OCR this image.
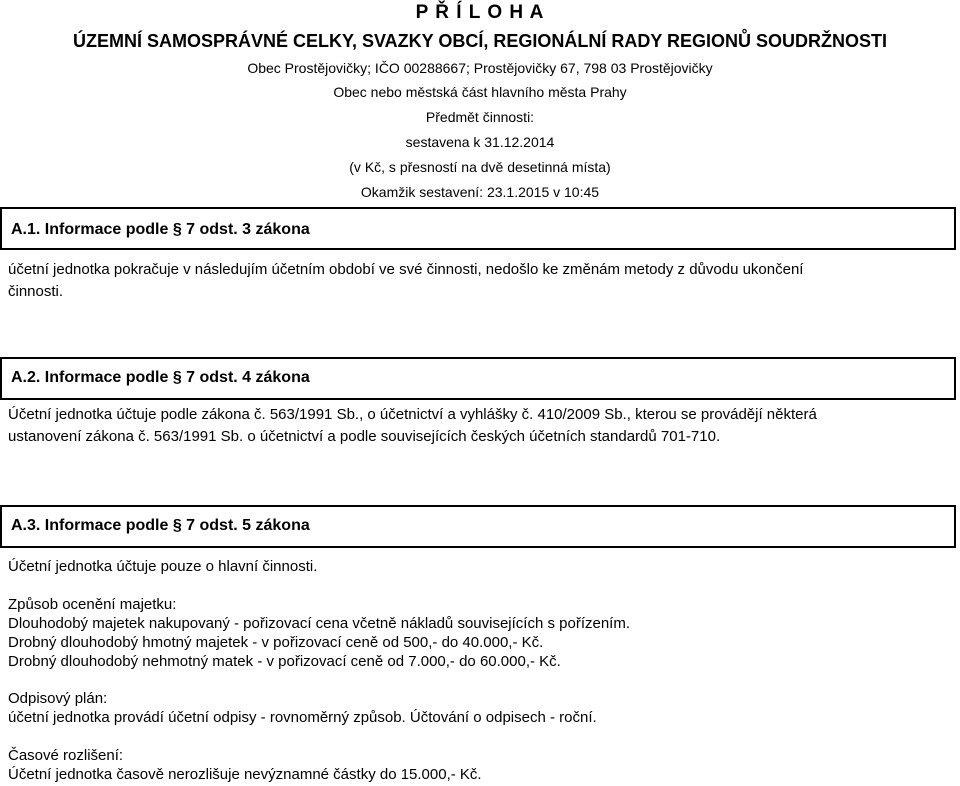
P Ř Í L O H A
ÚZEMNÍ SAMOSPRÁVNÉ CELKY, SVAZKY OBCÍ, REGIONÁLNÍ RADY REGIONŮ SOUDRŽNOSTI
Obec Prostějovičky; IČO 00288667; Prostějovičky 67, 798 03 Prostějovičky
Obec nebo městská část hlavního města Prahy
Předmět činnosti:
sestavena k 31.12.2014
(v Kč, s přesností na dvě desetinná místa)
Okamžik sestavení: 23.1.2015 v 10:45
A.1. Informace podle § 7 odst. 3 zákona
účetní jednotka pokračuje v následujím účetním období ve své činnosti, nedošlo ke změnám metody z důvodu ukončení
činnosti.
A.2. Informace podle § 7 odst. 4 zákona
Účetní jednotka účtuje podle zákona č. 563/1991 Sb., o účetnictví a vyhlášky č. 410/2009 Sb., kterou se provádějí některá
ustanovení zákona č. 563/1991 Sb. o účetnictví a podle souvisejících českých účetních standardů 701-710.
A.3. Informace podle § 7 odst. 5 zákona
Účetní jednotka účtuje pouze o hlavní činnosti.
Způsob ocenění majetku:
Dlouhodobý majetek nakupovaný - pořizovací cena včetně nákladů souvisejících s pořízením.
Drobný dlouhodobý hmotný majetek - v pořizovací ceně od 500,- do 40.000,- Kč.
Drobný dlouhodobý nehmotný matek - v pořizovací ceně od 7.000,- do 60.000,- Kč.
Odpisový plán:
účetní jednotka provádí účetní odpisy - rovnoměrný způsob. Účtování o odpisech - roční.
Časové rozlišení:
Účetní jednotka časově nerozlišuje nevýznamné částky do 15.000,- Kč.
